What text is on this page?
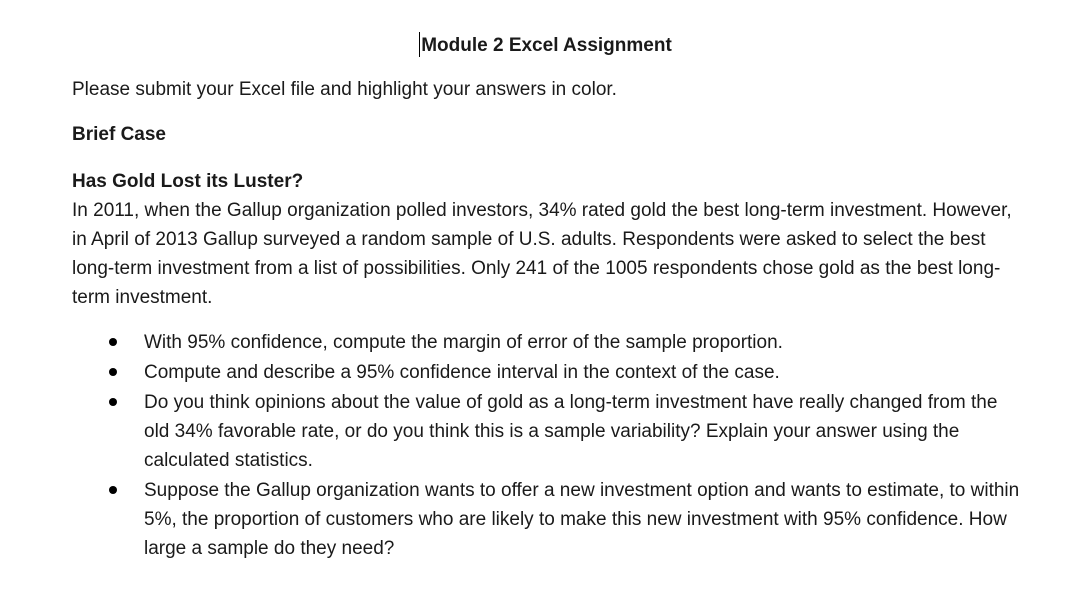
Module 2 Excel Assignment
Please submit your Excel file and highlight your answers in color.
Brief Case
Has Gold Lost its Luster?

In 2011, when the Gallup organization polled investors, 34% rated gold the best long-term investment. However, in April of 2013 Gallup surveyed a random sample of U.S. adults. Respondents were asked to select the best long-term investment from a list of possibilities. Only 241 of the 1005 respondents chose gold as the best long-term investment.

With 95% confidence, compute the margin of error of the sample proportion.
Compute and describe a 95% confidence interval in the context of the case.
Do you think opinions about the value of gold as a long-term investment have really changed from the old 34% favorable rate, or do you think this is a sample variability? Explain your answer using the calculated statistics.
Suppose the Gallup organization wants to offer a new investment option and wants to estimate, to within 5%, the proportion of customers who are likely to make this new investment with 95% confidence. How large a sample do they need?
